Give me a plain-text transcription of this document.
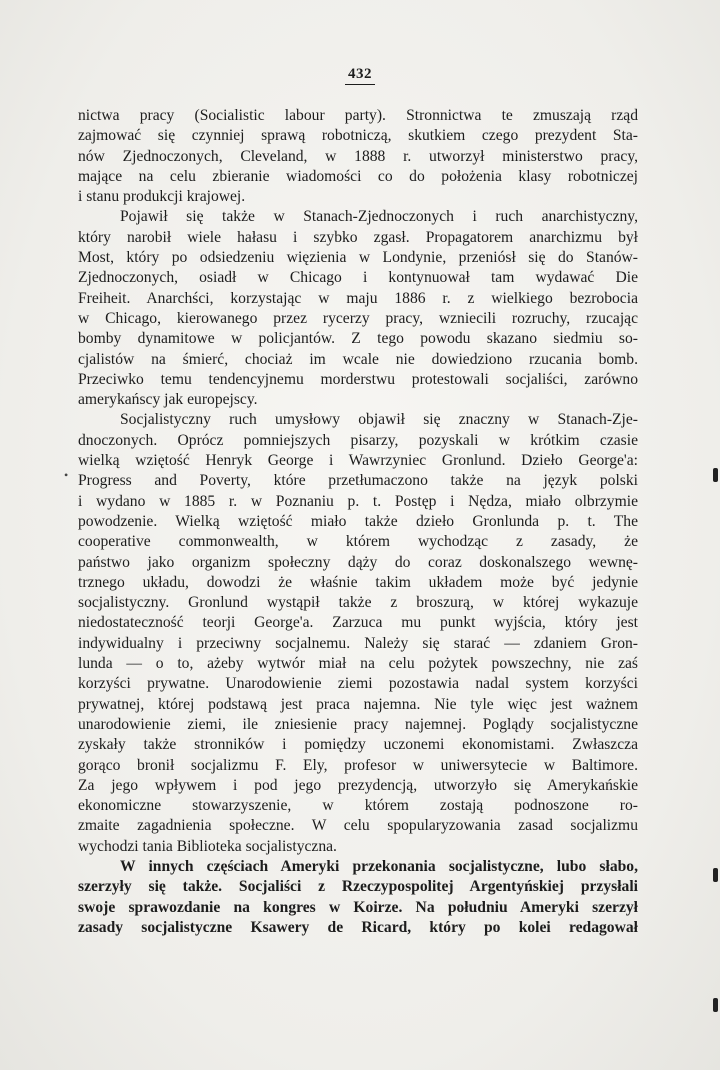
432
•
nictwa pracy (Socialistic labour party). Stronnictwa te zmuszają rząd
zajmować się czynniej sprawą robotniczą, skutkiem czego prezydent Sta-
nów Zjednoczonych, Cleveland, w 1888 r. utworzył ministerstwo pracy,
mające na celu zbieranie wiadomości co do położenia klasy robotniczej
i stanu produkcji krajowej.
Pojawił się także w Stanach-Zjednoczonych i ruch anarchistyczny,
który narobił wiele hałasu i szybko zgasł. Propagatorem anarchizmu był
Most, który po odsiedzeniu więzienia w Londynie, przeniósł się do Stanów-
Zjednoczonych, osiadł w Chicago i kontynuował tam wydawać Die
Freiheit. Anarchści, korzystając w maju 1886 r. z wielkiego bezrobocia
w Chicago, kierowanego przez rycerzy pracy, wzniecili rozruchy, rzucając
bomby dynamitowe w policjantów. Z tego powodu skazano siedmiu so-
cjalistów na śmierć, chociaż im wcale nie dowiedziono rzucania bomb.
Przeciwko temu tendencyjnemu morderstwu protestowali socjaliści, zarówno
amerykańscy jak europejscy.
Socjalistyczny ruch umysłowy objawił się znaczny w Stanach-Zje-
dnoczonych. Oprócz pomniejszych pisarzy, pozyskali w krótkim czasie
wielką wziętość Henryk George i Wawrzyniec Gronlund. Dzieło George'a:
Progress and Poverty, które przetłumaczono także na język polski
i wydano w 1885 r. w Poznaniu p. t. Postęp i Nędza, miało olbrzymie
powodzenie. Wielką wziętość miało także dzieło Gronlunda p. t. The
cooperative commonwealth, w którem wychodząc z zasady, że
państwo jako organizm społeczny dąży do coraz doskonalszego wewnę-
trznego układu, dowodzi że właśnie takim układem może być jedynie
socjalistyczny. Gronlund wystąpił także z broszurą, w której wykazuje
niedostateczność teorji George'a. Zarzuca mu punkt wyjścia, który jest
indywidualny i przeciwny socjalnemu. Należy się starać — zdaniem Gron-
lunda — o to, ażeby wytwór miał na celu pożytek powszechny, nie zaś
korzyści prywatne. Unarodowienie ziemi pozostawia nadal system korzyści
prywatnej, której podstawą jest praca najemna. Nie tyle więc jest ważnem
unarodowienie ziemi, ile zniesienie pracy najemnej. Poglądy socjalistyczne
zyskały także stronników i pomiędzy uczonemi ekonomistami. Zwłaszcza
gorąco bronił socjalizmu F. Ely, profesor w uniwersytecie w Baltimore.
Za jego wpływem i pod jego prezydencją, utworzyło się Amerykańskie
ekonomiczne stowarzyszenie, w którem zostają podnoszone ro-
zmaite zagadnienia społeczne. W celu spopularyzowania zasad socjalizmu
wychodzi tania Biblioteka socjalistyczna.
W innych częściach Ameryki przekonania socjalistyczne, lubo słabo,
szerzyły się także. Socjaliści z Rzeczypospolitej Argentyńskiej przysłali
swoje sprawozdanie na kongres w Koirze. Na południu Ameryki szerzył
zasady socjalistyczne Ksawery de Ricard, który po kolei redagował
